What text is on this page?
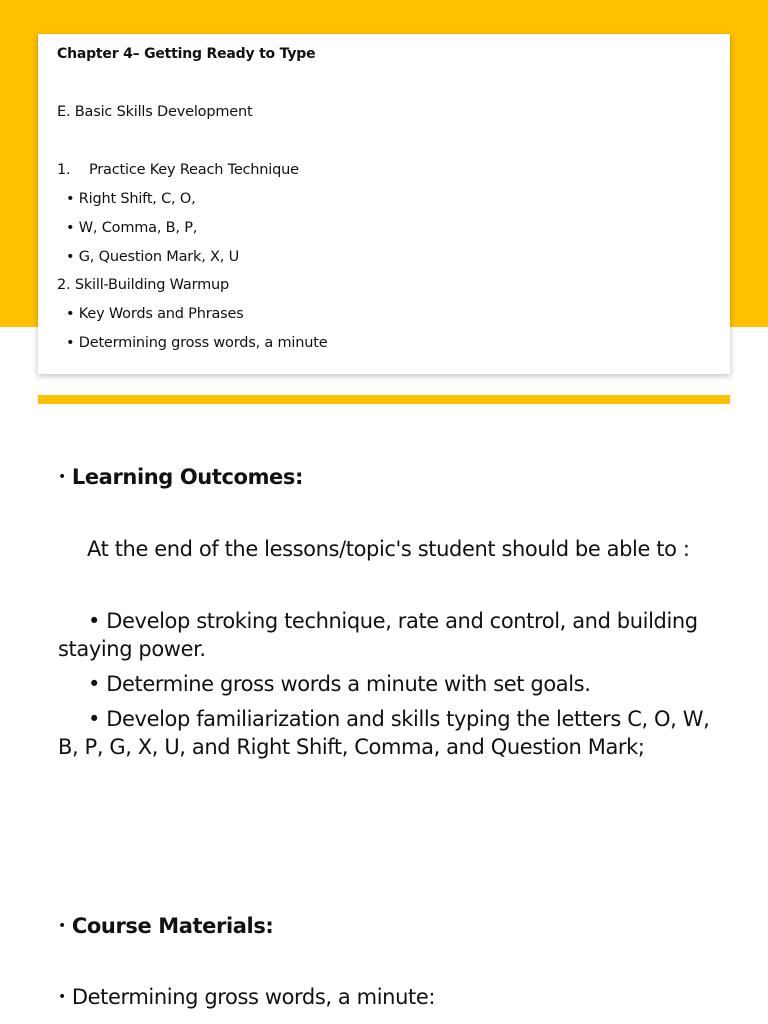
Chapter 4– Getting Ready to Type
E. Basic Skills Development
1. Practice Key Reach Technique
• Right Shift, C, O,
• W, Comma, B, P,
• G, Question Mark, X, U
2. Skill-Building Warmup
• Key Words and Phrases
• Determining gross words, a minute
• Learning Outcomes:
At the end of the lessons/topic's student should be able to :
• Develop stroking technique, rate and control, and building staying power.
• Determine gross words a minute with set goals.
• Develop familiarization and skills typing the letters C, O, W, B, P, G, X, U, and Right Shift, Comma, and Question Mark;
• Course Materials:
• Determining gross words, a minute:
